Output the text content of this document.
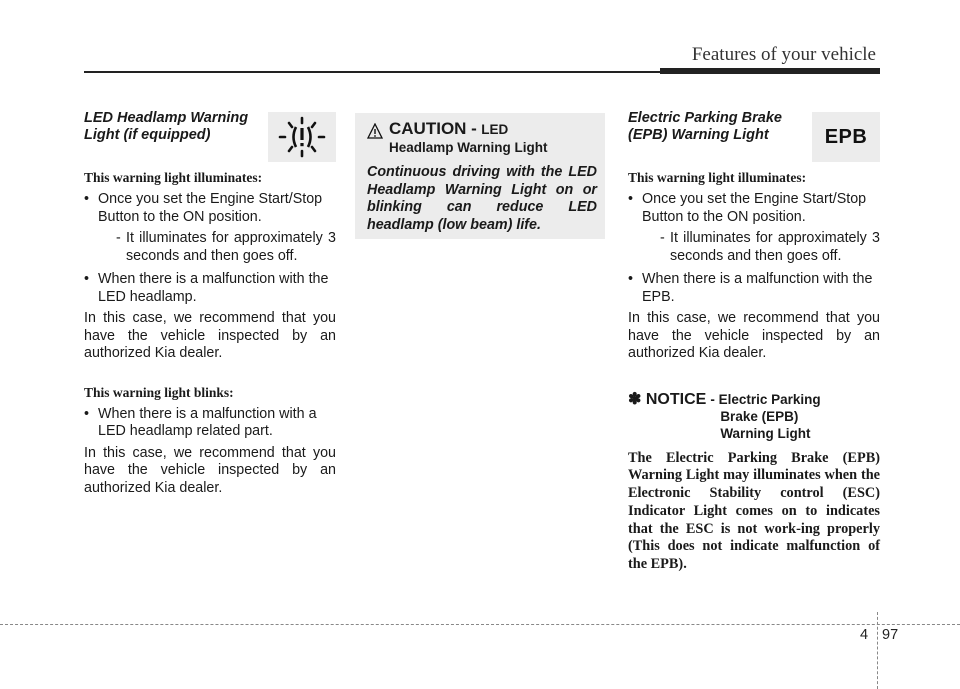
Features of your vehicle
LED Headlamp Warning Light (if equipped)
This warning light illuminates:
• Once you set the Engine Start/Stop Button to the ON position.
- It illuminates for approximately 3 seconds and then goes off.
• When there is a malfunction with the LED headlamp.
In this case, we recommend that you have the vehicle inspected by an authorized Kia dealer.
This warning light blinks:
• When there is a malfunction with a LED headlamp related part.
In this case, we recommend that you have the vehicle inspected by an authorized Kia dealer.
CAUTION - LED
Headlamp Warning Light
Continuous driving with the LED Headlamp Warning Light on or blinking can reduce LED headlamp (low beam) life.
Electric Parking Brake (EPB) Warning Light	EPB
This warning light illuminates:
• Once you set the Engine Start/Stop Button to the ON position.
- It illuminates for approximately 3 seconds and then goes off.
• When there is a malfunction with the EPB.
In this case, we recommend that you have the vehicle inspected by an authorized Kia dealer.
✽ NOTICE - Electric Parking
Brake (EPB)
Warning Light
The Electric Parking Brake (EPB) Warning Light may illuminates when the Electronic Stability control (ESC) Indicator Light comes on to indicates that the ESC is not work-ing properly (This does not indicate malfunction of the EPB).
4 97
